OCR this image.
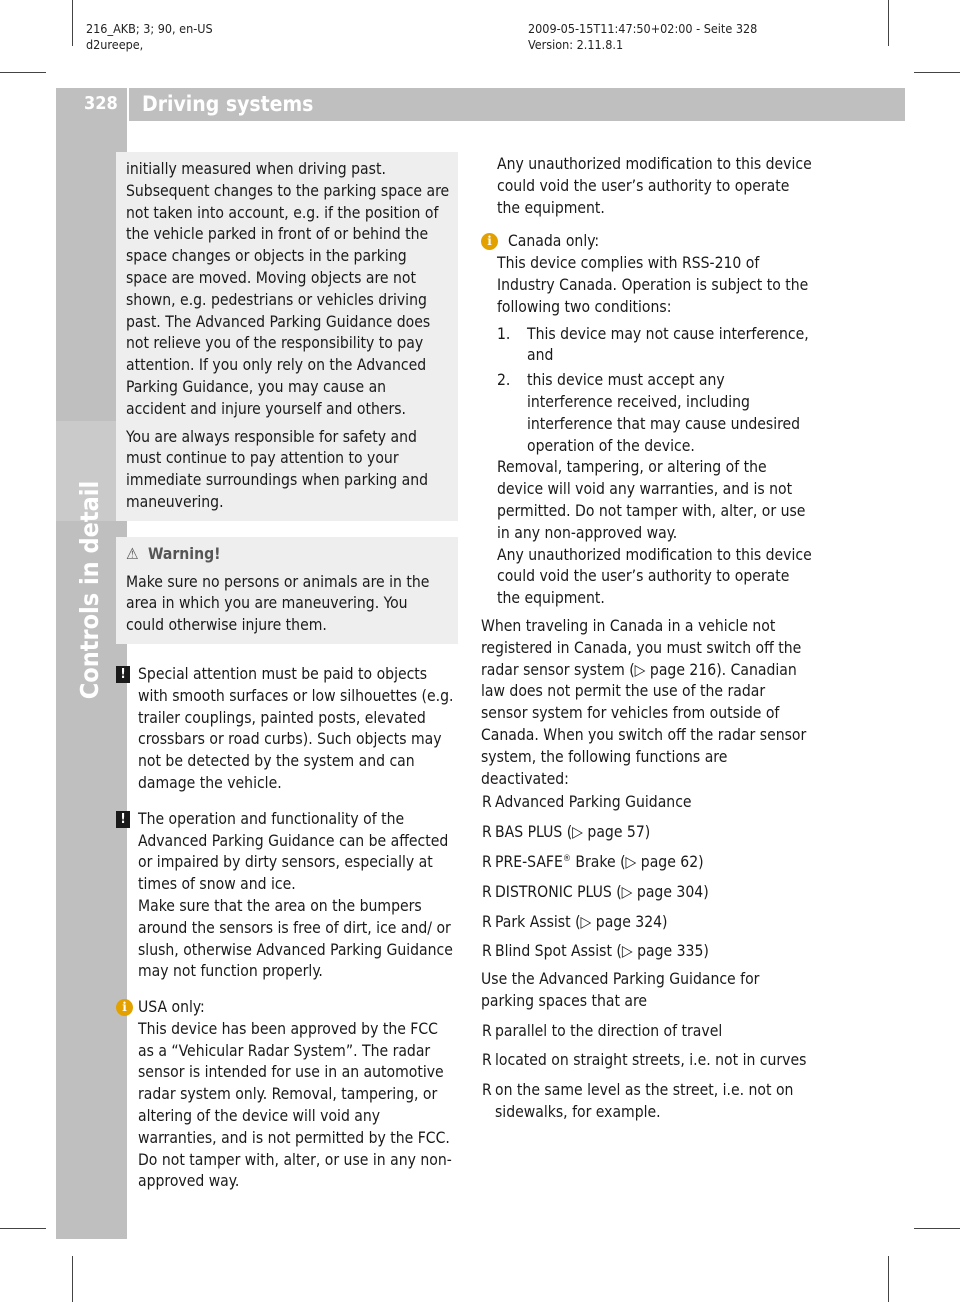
216_AKB; 3; 90, en-US
d2ureepe,
2009-05-15T11:47:50+02:00 - Seite 328
Version: 2.11.8.1
328	Driving systems
Controls in detail

initially measured when driving past. Subsequent changes to the parking space are not taken into account, e.g. if the position of the vehicle parked in front of or behind the space changes or objects in the parking space are moved. Moving objects are not shown, e.g. pedestrians or vehicles driving past. The Advanced Parking Guidance does not relieve you of the responsibility to pay attention. If you only rely on the Advanced Parking Guidance, you may cause an accident and injure yourself and others.

You are always responsible for safety and must continue to pay attention to your immediate surroundings when parking and maneuvering.

⚠ Warning!

Make sure no persons or animals are in the area in which you are maneuvering. You could otherwise injure them.

! Special attention must be paid to objects with smooth surfaces or low silhouettes (e.g. trailer couplings, painted posts, elevated crossbars or road curbs). Such objects may not be detected by the system and can damage the vehicle.

! The operation and functionality of the Advanced Parking Guidance can be affected or impaired by dirty sensors, especially at times of snow and ice.

Make sure that the area on the bumpers around the sensors is free of dirt, ice and/ or slush, otherwise Advanced Parking Guidance may not function properly.

i USA only:

This device has been approved by the FCC as a “Vehicular Radar System”. The radar sensor is intended for use in an automotive radar system only. Removal, tampering, or altering of the device will void any warranties, and is not permitted by the FCC. Do not tamper with, alter, or use in any non-approved way.

Any unauthorized modification to this device could void the user’s authority to operate the equipment.

i	Canada only:

This device complies with RSS-210 of Industry Canada. Operation is subject to the following two conditions:

1. This device may not cause interference, and
2. this device must accept any interference received, including interference that may cause undesired operation of the device.

Removal, tampering, or altering of the device will void any warranties, and is not permitted. Do not tamper with, alter, or use in any non-approved way.

Any unauthorized modification to this device could void the user’s authority to operate the equipment.

When traveling in Canada in a vehicle not registered in Canada, you must switch off the radar sensor system (▷ page 216). Canadian law does not permit the use of the radar sensor system for vehicles from outside of Canada. When you switch off the radar sensor system, the following functions are deactivated:

R Advanced Parking Guidance
R BAS PLUS (▷ page 57)
R PRE-SAFE® Brake (▷ page 62)
R DISTRONIC PLUS (▷ page 304)
R Park Assist (▷ page 324)
R Blind Spot Assist (▷ page 335)

Use the Advanced Parking Guidance for parking spaces that are

R parallel to the direction of travel
R located on straight streets, i.e. not in curves
R on the same level as the street, i.e. not on sidewalks, for example.
